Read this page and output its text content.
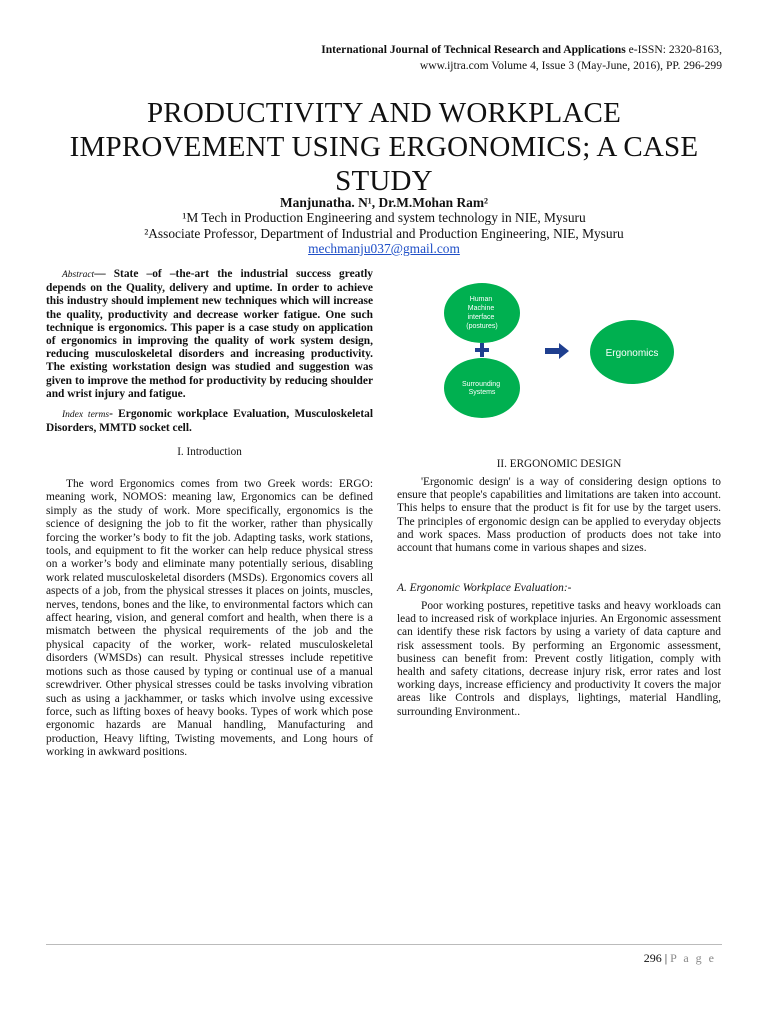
International Journal of Technical Research and Applications e-ISSN: 2320-8163,
www.ijtra.com Volume 4, Issue 3 (May-June, 2016), PP. 296-299
PRODUCTIVITY AND WORKPLACE IMPROVEMENT USING ERGONOMICS; A CASE STUDY
Manjunatha. N¹, Dr.M.Mohan Ram²
¹M Tech in Production Engineering and system technology in NIE, Mysuru
²Associate Professor, Department of Industrial and Production Engineering, NIE, Mysuru
mechmanju037@gmail.com
Abstract— State –of –the-art the industrial success greatly depends on the Quality, delivery and uptime. In order to achieve this industry should implement new techniques which will increase the quality, productivity and decrease worker fatigue. One such technique is ergonomics. This paper is a case study on application of ergonomics in improving the quality of work system design, reducing musculoskeletal disorders and increasing productivity. The existing workstation design was studied and suggestion was given to improve the method for productivity by reducing shoulder and wrist injury and fatigue.
Index terms- Ergonomic workplace Evaluation, Musculoskeletal Disorders, MMTD socket cell.
I. Introduction
The word Ergonomics comes from two Greek words: ERGO: meaning work, NOMOS: meaning law, Ergonomics can be defined simply as the study of work. More specifically, ergonomics is the science of designing the job to fit the worker, rather than physically forcing the worker’s body to fit the job. Adapting tasks, work stations, tools, and equipment to fit the worker can help reduce physical stress on a worker’s body and eliminate many potentially serious, disabling work related musculoskeletal disorders (MSDs). Ergonomics covers all aspects of a job, from the physical stresses it places on joints, muscles, nerves, tendons, bones and the like, to environmental factors which can affect hearing, vision, and general comfort and health, when there is a mismatch between the physical requirements of the job and the physical capacity of the worker, work- related musculoskeletal disorders (WMSDs) can result. Physical stresses include repetitive motions such as those caused by typing or continual use of a manual screwdriver. Other physical stresses could be tasks involving vibration such as using a jackhammer, or tasks which involve using excessive force, such as lifting boxes of heavy books. Types of work which pose ergonomic hazards are Manual handling, Manufacturing and production, Heavy lifting, Twisting movements, and Long hours of working in awkward positions.
Human Machine interface (postures)
Surrounding Systems
Ergonomics
II. ERGONOMIC DESIGN
'Ergonomic design' is a way of considering design options to ensure that people's capabilities and limitations are taken into account. This helps to ensure that the product is fit for use by the target users. The principles of ergonomic design can be applied to everyday objects and work spaces. Mass production of products does not take into account that humans come in various shapes and sizes.
A. Ergonomic Workplace Evaluation:-
Poor working postures, repetitive tasks and heavy workloads can lead to increased risk of workplace injuries. An Ergonomic assessment can identify these risk factors by using a variety of data capture and risk assessment tools. By performing an Ergonomic assessment, business can benefit from: Prevent costly litigation, comply with health and safety citations, decrease injury risk, error rates and lost working days, increase efficiency and productivity It covers the major areas like Controls and displays, lightings, material Handling, surrounding Environment..
296 | P a g e
